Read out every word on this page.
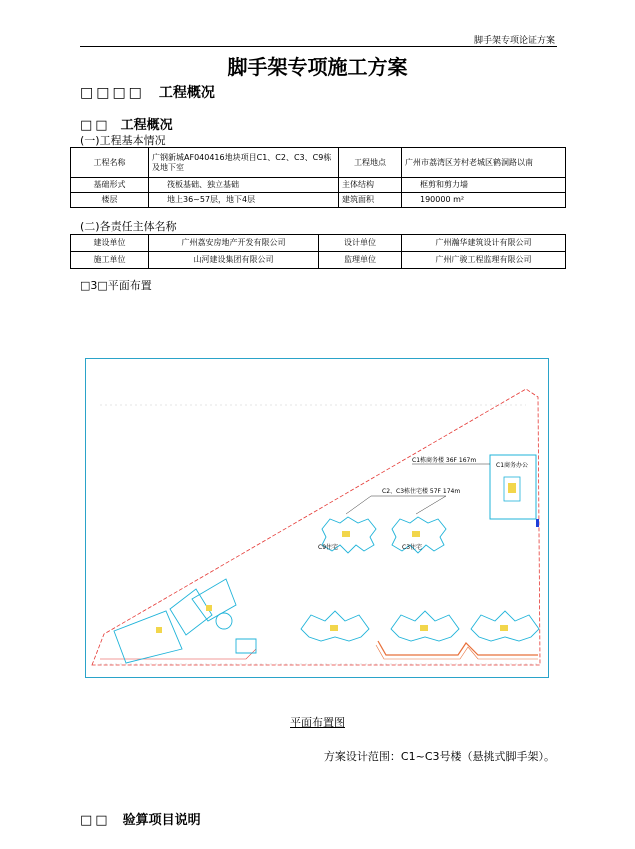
脚手架专项论证方案
脚手架专项施工方案
□□□□ 工程概况
□□ 工程概况
(一)工程基本情况
工程名称	广钢新城AF040416地块项目C1、C2、C3、C9栋及地下室	工程地点	广州市荔湾区芳村老城区鹤洞路以南
基础形式	筏板基础、独立基础	主体结构	框剪和剪力墙
楼层	地上36~57层，地下4层	建筑面积	190000 m²
(二)各责任主体名称
建设单位	广州荔安房地产开发有限公司	设计单位	广州瀚华建筑设计有限公司
施工单位	山河建设集团有限公司	监理单位	广州广骏工程监理有限公司
□3□平面布置
C1商务办公
C1栋商务楼 36F 167m
C2、C3栋住宅楼 57F 174m
C9住宅	C3住宅
平面布置图
方案设计范围：C1~C3号楼（悬挑式脚手架）。
□□ 验算项目说明
